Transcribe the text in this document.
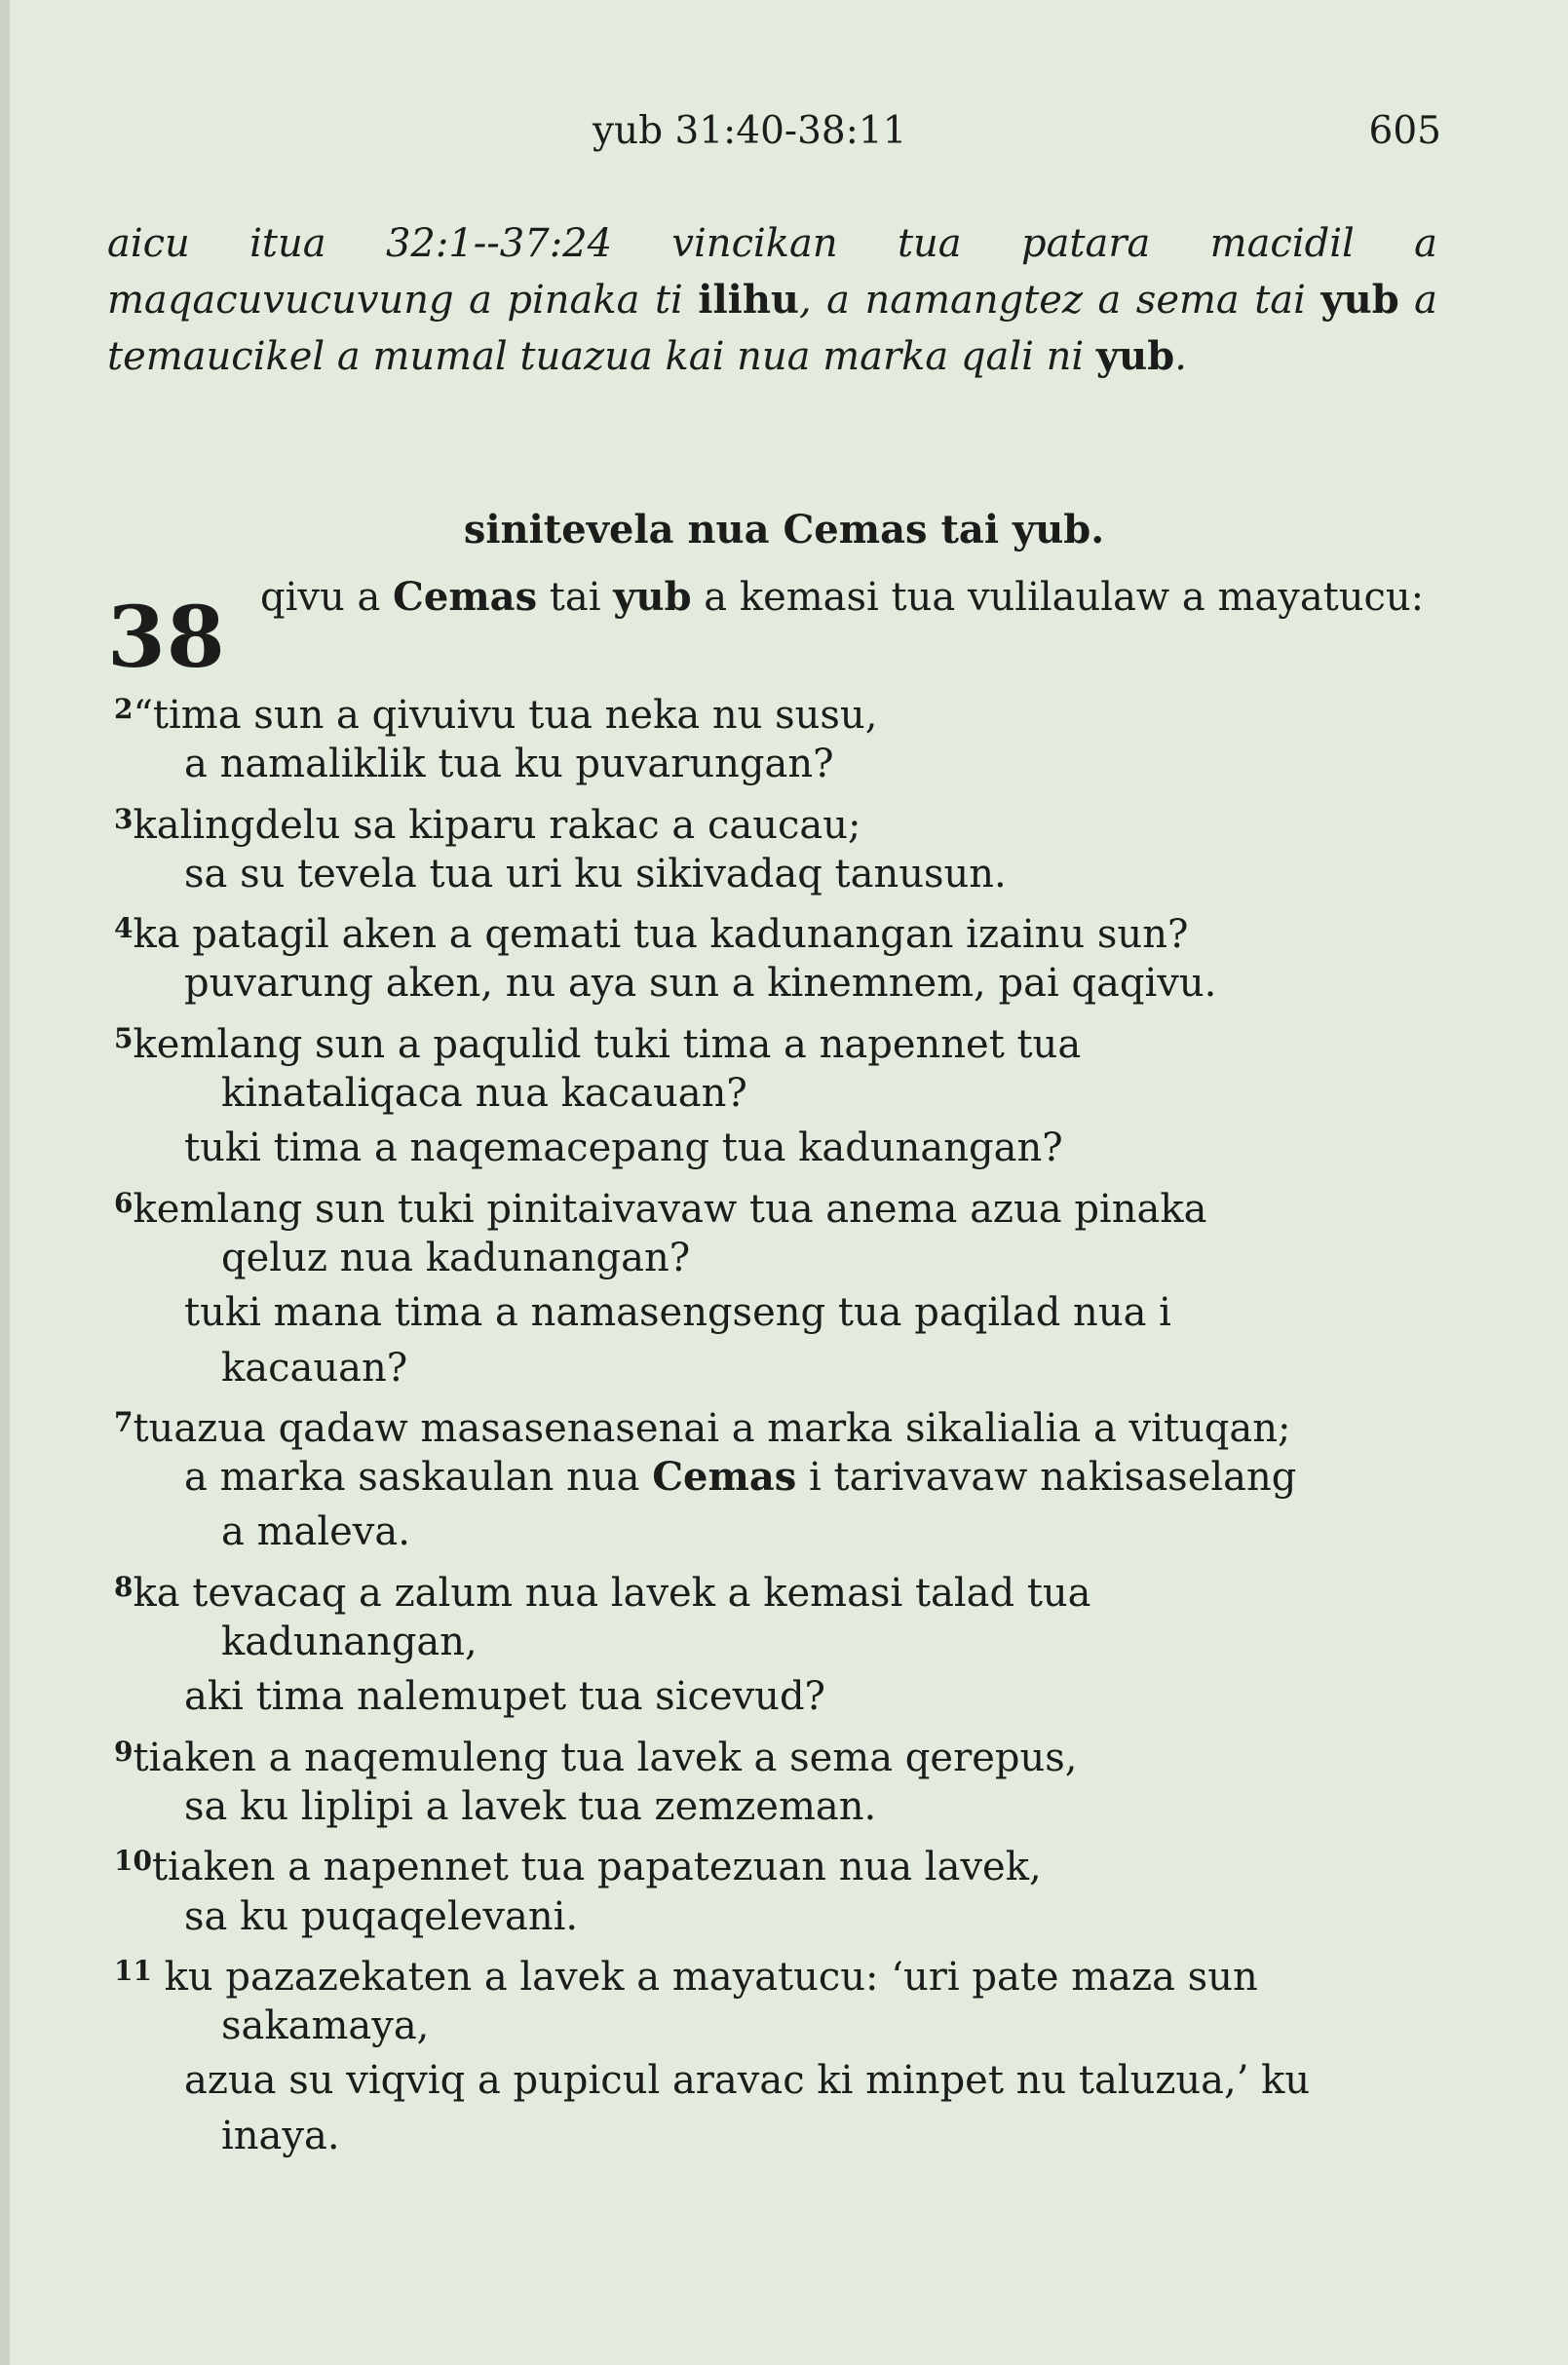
yub 31:40-38:11	605
aicu itua 32:1--37:24 vincikan tua patara macidil a maqacuvucuvung a pinaka ti ilihu, a namangtez a sema tai yub a temaucikel a mumal tuazua kai nua marka qali ni yub.
sinitevela nua Cemas tai yub.
38 qivu a Cemas tai yub a kemasi tua vulilaulaw a mayatucu:
$^2$“tima sun a qivuivu tua neka nu susu,
a namaliklik tua ku puvarungan?
$^3$kalingdelu sa kiparu rakac a caucau;
sa su tevela tua uri ku sikivadaq tanusun.
$^4$ka patagil aken a qemati tua kadunangan izainu sun?
puvarung aken, nu aya sun a kinemnem, pai qaqivu.
$^5$kemlang sun a paqulid tuki tima a napennet tua
kinataliqaca nua kacauan?
tuki tima a naqemacepang tua kadunangan?
$^6$kemlang sun tuki pinitaivavaw tua anema azua pinaka
qeluz nua kadunangan?
tuki mana tima a namasengseng tua paqilad nua i
kacauan?
$^7$tuazua qadaw masasenasenai a marka sikalialia a vituqan;
a marka saskaulan nua Cemas i tarivavaw nakisaselang
a maleva.
$^8$ka tevacaq a zalum nua lavek a kemasi talad tua
kadunangan,
aki tima nalemupet tua sicevud?
$^9$tiaken a naqemuleng tua lavek a sema qerepus,
sa ku liplipi a lavek tua zemzeman.
$^{10}$tiaken a napennet tua papatezuan nua lavek,
sa ku puqaqelevani.
$^{11}$ ku pazazekaten a lavek a mayatucu: ‘uri pate maza sun
sakamaya,
azua su viqviq a pupicul aravac ki minpet nu taluzua,’ ku
inaya.
